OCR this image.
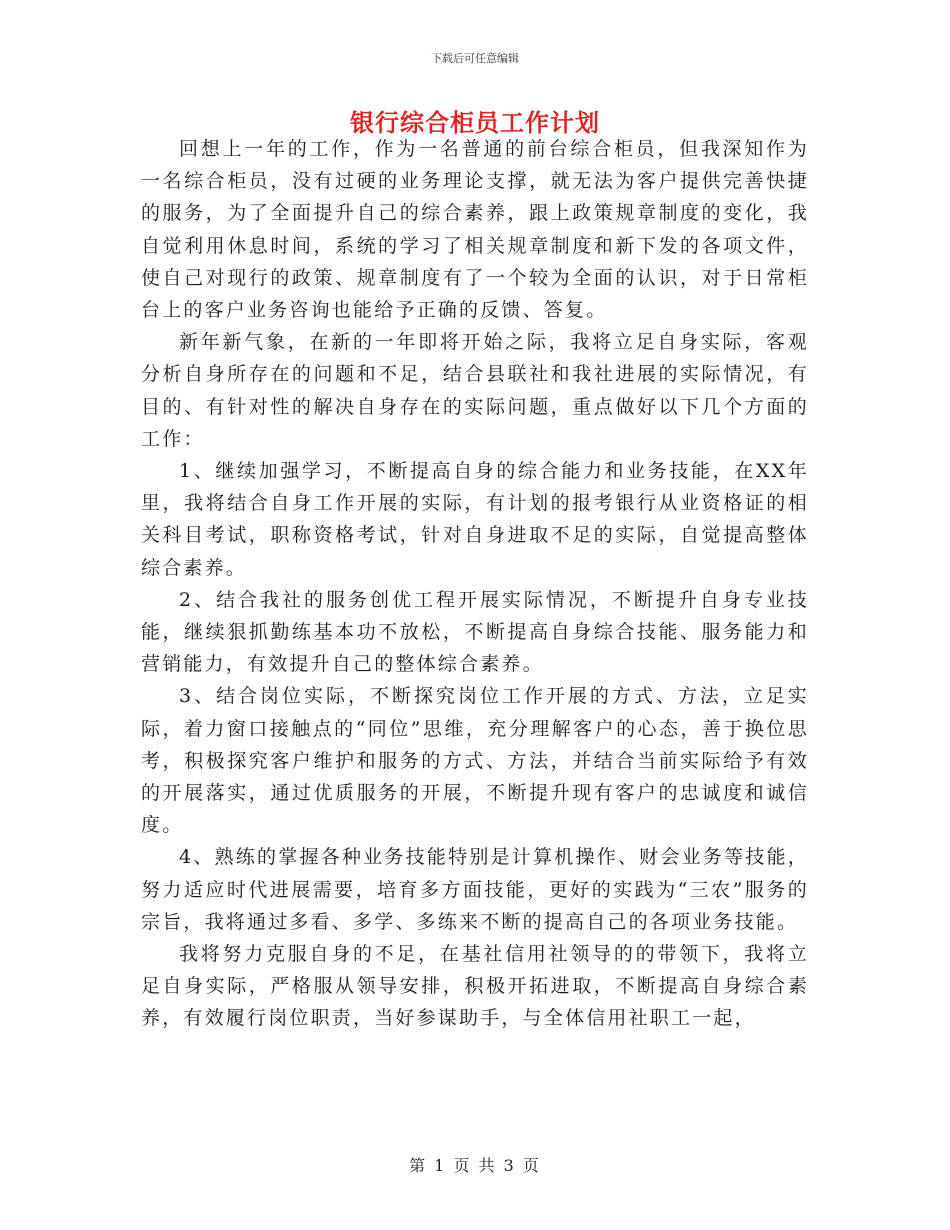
下载后可任意编辑
银行综合柜员工作计划

回想上一年的工作，作为一名普通的前台综合柜员，但我深知作为一名综合柜员，没有过硬的业务理论支撑，就无法为客户提供完善快捷的服务，为了全面提升自己的综合素养，跟上政策规章制度的变化，我自觉利用休息时间，系统的学习了相关规章制度和新下发的各项文件，使自己对现行的政策、规章制度有了一个较为全面的认识，对于日常柜台上的客户业务咨询也能给予正确的反馈、答复。

新年新气象，在新的一年即将开始之际，我将立足自身实际，客观分析自身所存在的问题和不足，结合县联社和我社进展的实际情况，有目的、有针对性的解决自身存在的实际问题，重点做好以下几个方面的工作：

1、继续加强学习，不断提高自身的综合能力和业务技能，在XX年里，我将结合自身工作开展的实际，有计划的报考银行从业资格证的相关科目考试，职称资格考试，针对自身进取不足的实际，自觉提高整体综合素养。

2、结合我社的服务创优工程开展实际情况，不断提升自身专业技能，继续狠抓勤练基本功不放松，不断提高自身综合技能、服务能力和营销能力，有效提升自己的整体综合素养。

3、结合岗位实际，不断探究岗位工作开展的方式、方法，立足实际，着力窗口接触点的“同位”思维，充分理解客户的心态，善于换位思考，积极探究客户维护和服务的方式、方法，并结合当前实际给予有效的开展落实，通过优质服务的开展，不断提升现有客户的忠诚度和诚信度。

4、熟练的掌握各种业务技能特别是计算机操作、财会业务等技能，努力适应时代进展需要，培育多方面技能，更好的实践为“三农”服务的宗旨，我将通过多看、多学、多练来不断的提高自己的各项业务技能。

我将努力克服自身的不足，在基社信用社领导的的带领下，我将立足自身实际，严格服从领导安排，积极开拓进取，不断提高自身综合素养，有效履行岗位职责，当好参谋助手，与全体信用社职工一起，

第 1 页 共 3 页
